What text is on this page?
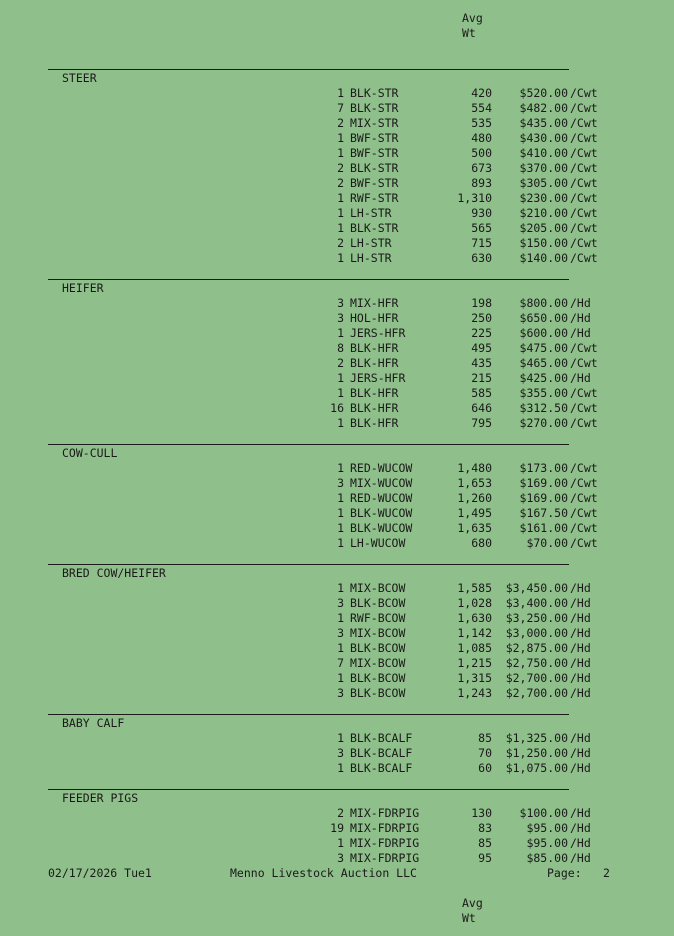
Avg
Wt
STEER
1 BLK-STR	420 $520.00 /Cwt
7 BLK-STR	554 $482.00 /Cwt
2 MIX-STR	535 $435.00 /Cwt
1 BWF-STR	480 $430.00 /Cwt
1 BWF-STR	500 $410.00 /Cwt
2 BLK-STR	673 $370.00 /Cwt
2 BWF-STR	893 $305.00 /Cwt
1 RWF-STR	1,310 $230.00 /Cwt
1 LH-STR	930 $210.00 /Cwt
1 BLK-STR	565 $205.00 /Cwt
2 LH-STR	715 $150.00 /Cwt
1 LH-STR	630 $140.00 /Cwt
HEIFER
3 MIX-HFR	198 $800.00 /Hd
3 HOL-HFR	250 $650.00 /Hd
1 JERS-HFR	225 $600.00 /Hd
8 BLK-HFR	495 $475.00 /Cwt
2 BLK-HFR	435 $465.00 /Cwt
1 JERS-HFR	215 $425.00 /Hd
1 BLK-HFR	585 $355.00 /Cwt
16 BLK-HFR	646 $312.50 /Cwt
1 BLK-HFR	795 $270.00 /Cwt
COW-CULL
1 RED-WUCOW	1,480 $173.00 /Cwt
3 MIX-WUCOW	1,653 $169.00 /Cwt
1 RED-WUCOW	1,260 $169.00 /Cwt
1 BLK-WUCOW	1,495 $167.50 /Cwt
1 BLK-WUCOW	1,635 $161.00 /Cwt
1 LH-WUCOW	680	$70.00 /Cwt
BRED COW/HEIFER
1 MIX-BCOW	1,585 $3,450.00 /Hd
3 BLK-BCOW	1,028 $3,400.00 /Hd
1 RWF-BCOW	1,630 $3,250.00 /Hd
3 MIX-BCOW	1,142 $3,000.00 /Hd
1 BLK-BCOW	1,085 $2,875.00 /Hd
7 MIX-BCOW	1,215 $2,750.00 /Hd
1 BLK-BCOW	1,315 $2,700.00 /Hd
3 BLK-BCOW	1,243 $2,700.00 /Hd
BABY CALF
1 BLK-BCALF	85 $1,325.00 /Hd
3 BLK-BCALF	70 $1,250.00 /Hd
1 BLK-BCALF	60 $1,075.00 /Hd
FEEDER PIGS
2 MIX-FDRPIG	130 $100.00 /Hd
19 MIX-FDRPIG	83	$95.00 /Hd
1 MIX-FDRPIG	85	$95.00 /Hd
3 MIX-FDRPIG	95	$85.00 /Hd
02/17/2026 Tue1	Menno Livestock Auction LLC	Page: 2
Avg
Wt
